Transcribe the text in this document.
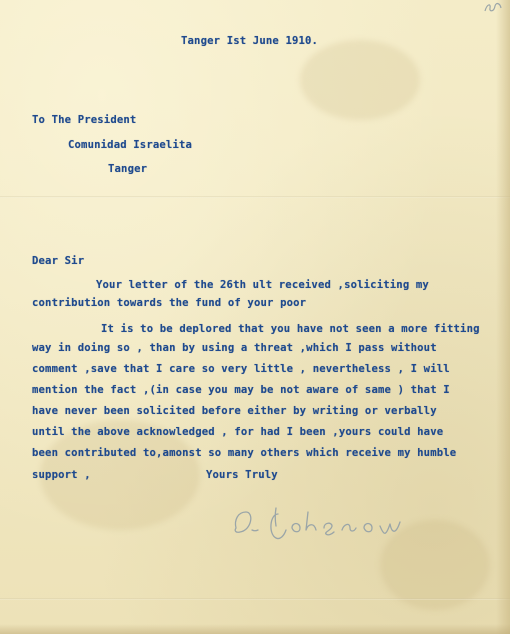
Tanger Ist June 1910.
To The President
Comunidad Israelita
Tanger
Dear Sir
Your letter of the 26th ult received ,soliciting my
contribution towards the fund of your poor
It is to be deplored that you have not seen a more fitting
way in doing so , than by using a threat ,which I pass without
comment ,save that I care so very little , nevertheless , I will
mention the fact ,(in case you may be not aware of same ) that I
have never been solicited before either by writing or verbally
until the above acknowledged , for had I been ,yours could have
been contributed to,amonst so many others which receive my humble
support ,	Yours Truly
